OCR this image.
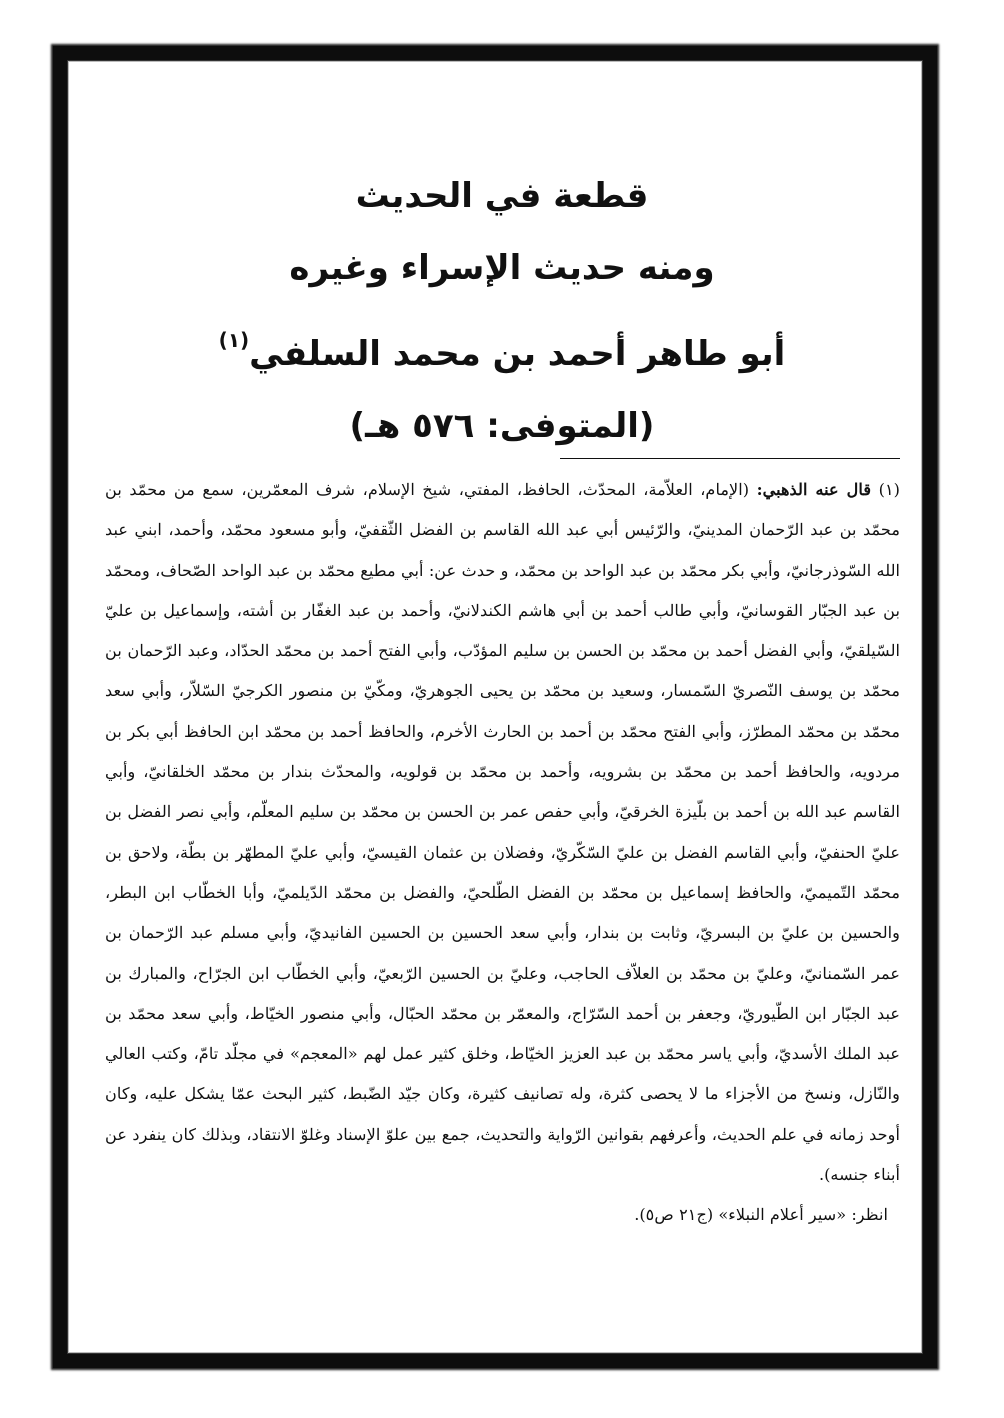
قطعة في الحديث

ومنه حديث الإسراء وغيره

أبو طاهر أحمد بن محمد السلفي$^{(١)}$

(المتوفى: ٥٧٦ هـ)

(١) قال عنه الذهبي: (الإمام، العلاّمة، المحدّث، الحافظ، المفتي، شيخ الإسلام، شرف المعمّرين، سمع من محمّد بن محمّد بن عبد الرّحمان المدينيّ، والرّئيس أبي عبد الله القاسم بن الفضل الثّقفيّ، وأبو مسعود محمّد، وأحمد، ابني عبد الله السّوذرجانيّ، وأبي بكر محمّد بن عبد الواحد بن محمّد، و حدث عن: أبي مطيع محمّد بن عبد الواحد الصّحاف، ومحمّد بن عبد الجبّار القوسانيّ، وأبي طالب أحمد بن أبي هاشم الكندلانيّ، وأحمد بن عبد الغفّار بن أشته، وإسماعيل بن عليّ السّيلقيّ، وأبي الفضل أحمد بن محمّد بن الحسن بن سليم المؤدّب، وأبي الفتح أحمد بن محمّد الحدّاد، وعبد الرّحمان بن محمّد بن يوسف النّصريّ السّمسار، وسعيد بن محمّد بن يحيى الجوهريّ، ومكّيّ بن منصور الكرجيّ السّلاّر، وأبي سعد محمّد بن محمّد المطرّز، وأبي الفتح محمّد بن أحمد بن الحارث الأخرم، والحافظ أحمد بن محمّد ابن الحافظ أبي بكر بن مردويه، والحافظ أحمد بن محمّد بن بشرويه، وأحمد بن محمّد بن قولويه، والمحدّث بندار بن محمّد الخلقانيّ، وأبي القاسم عبد الله بن أحمد بن بلّيزة الخرقيّ، وأبي حفص عمر بن الحسن بن محمّد بن سليم المعلّم، وأبي نصر الفضل بن عليّ الحنفيّ، وأبي القاسم الفضل بن عليّ السّكّريّ، وفضلان بن عثمان القيسيّ، وأبي عليّ المطهّر بن بطّة، ولاحق بن محمّد التّميميّ، والحافظ إسماعيل بن محمّد بن الفضل الطّلحيّ، والفضل بن محمّد الدّيلميّ، وأبا الخطّاب ابن البطر، والحسين بن عليّ بن البسريّ، وثابت بن بندار، وأبي سعد الحسين بن الحسين الفانيديّ، وأبي مسلم عبد الرّحمان بن عمر السّمنانيّ، وعليّ بن محمّد بن العلاّف الحاجب، وعليّ بن الحسين الرّبعيّ، وأبي الخطّاب ابن الجرّاح، والمبارك بن عبد الجبّار ابن الطّيوريّ، وجعفر بن أحمد السّرّاج، والمعمّر بن محمّد الحبّال، وأبي منصور الخيّاط، وأبي سعد محمّد بن عبد الملك الأسديّ، وأبي ياسر محمّد بن عبد العزيز الخيّاط، وخلق كثير عمل لهم «المعجم» في مجلّد تامّ، وكتب العالي والنّازل، ونسخ من الأجزاء ما لا يحصى كثرة، وله تصانيف كثيرة، وكان جيّد الضّبط، كثير البحث عمّا يشكل عليه، وكان أوحد زمانه في علم الحديث، وأعرفهم بقوانين الرّواية والتحديث، جمع بين علوّ الإسناد وغلوّ الانتقاد، وبذلك كان ينفرد عن أبناء جنسه).

انظر: «سير أعلام النبلاء» (ج٢١ ص٥).
